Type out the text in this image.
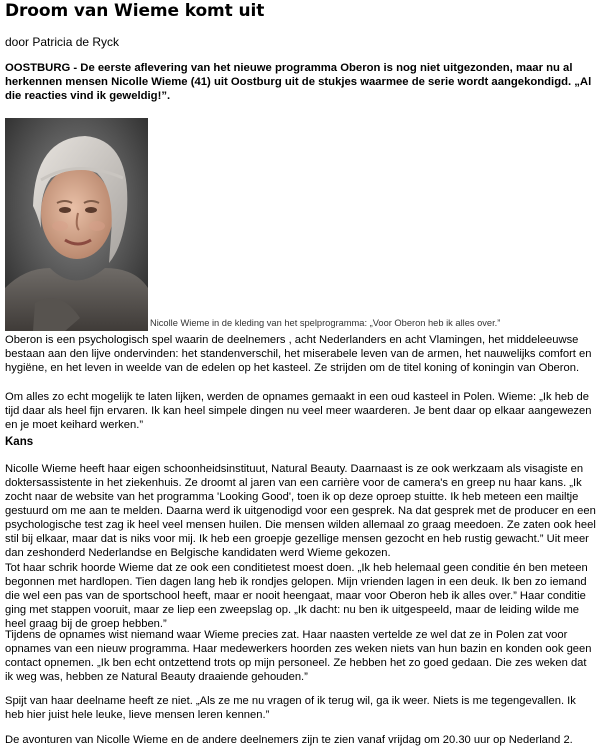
Droom van Wieme komt uit
door Patricia de Ryck

OOSTBURG - De eerste aflevering van het nieuwe programma Oberon is nog niet uitgezonden, maar nu al herkennen mensen Nicolle Wieme (41) uit Oostburg uit de stukjes waarmee de serie wordt aangekondigd. „Al die reacties vind ik geweldig!”.

Nicolle Wieme in de kleding van het spelprogramma: „Voor Oberon heb ik alles over.”

Oberon is een psychologisch spel waarin de deelnemers , acht Nederlanders en acht Vlamingen, het middeleeuwse bestaan aan den lijve ondervinden: het standenverschil, het miserabele leven van de armen, het nauwelijks comfort en hygiëne, en het leven in weelde van de edelen op het kasteel. Ze strijden om de titel koning of koningin van Oberon.

Om alles zo echt mogelijk te laten lijken, werden de opnames gemaakt in een oud kasteel in Polen. Wieme: „Ik heb de tijd daar als heel fijn ervaren. Ik kan heel simpele dingen nu veel meer waarderen. Je bent daar op elkaar aangewezen en je moet keihard werken.”

Kans

Nicolle Wieme heeft haar eigen schoonheidsinstituut, Natural Beauty. Daarnaast is ze ook werkzaam als visagiste en doktersassistente in het ziekenhuis. Ze droomt al jaren van een carrière voor de camera's en greep nu haar kans. „Ik zocht naar de website van het programma 'Looking Good', toen ik op deze oproep stuitte. Ik heb meteen een mailtje gestuurd om me aan te melden. Daarna werd ik uitgenodigd voor een gesprek. Na dat gesprek met de producer en een psychologische test zag ik heel veel mensen huilen. Die mensen wilden allemaal zo graag meedoen. Ze zaten ook heel stil bij elkaar, maar dat is niks voor mij. Ik heb een groepje gezellige mensen gezocht en heb rustig gewacht.” Uit meer dan zeshonderd Nederlandse en Belgische kandidaten werd Wieme gekozen.

Tot haar schrik hoorde Wieme dat ze ook een conditietest moest doen. „Ik heb helemaal geen conditie én ben meteen begonnen met hardlopen. Tien dagen lang heb ik rondjes gelopen. Mijn vrienden lagen in een deuk. Ik ben zo iemand die wel een pas van de sportschool heeft, maar er nooit heengaat, maar voor Oberon heb ik alles over.” Haar conditie ging met stappen vooruit, maar ze liep een zweepslag op. „Ik dacht: nu ben ik uitgespeeld, maar de leiding wilde me heel graag bij de groep hebben.”

Tijdens de opnames wist niemand waar Wieme precies zat. Haar naasten vertelde ze wel dat ze in Polen zat voor opnames van een nieuw programma. Haar medewerkers hoorden zes weken niets van hun bazin en konden ook geen contact opnemen. „Ik ben echt ontzettend trots op mijn personeel. Ze hebben het zo goed gedaan. Die zes weken dat ik weg was, hebben ze Natural Beauty draaiende gehouden.”

Spijt van haar deelname heeft ze niet. „Als ze me nu vragen of ik terug wil, ga ik weer. Niets is me tegengevallen. Ik heb hier juist hele leuke, lieve mensen leren kennen.”

De avonturen van Nicolle Wieme en de andere deelnemers zijn te zien vanaf vrijdag om 20.30 uur op Nederland 2.
